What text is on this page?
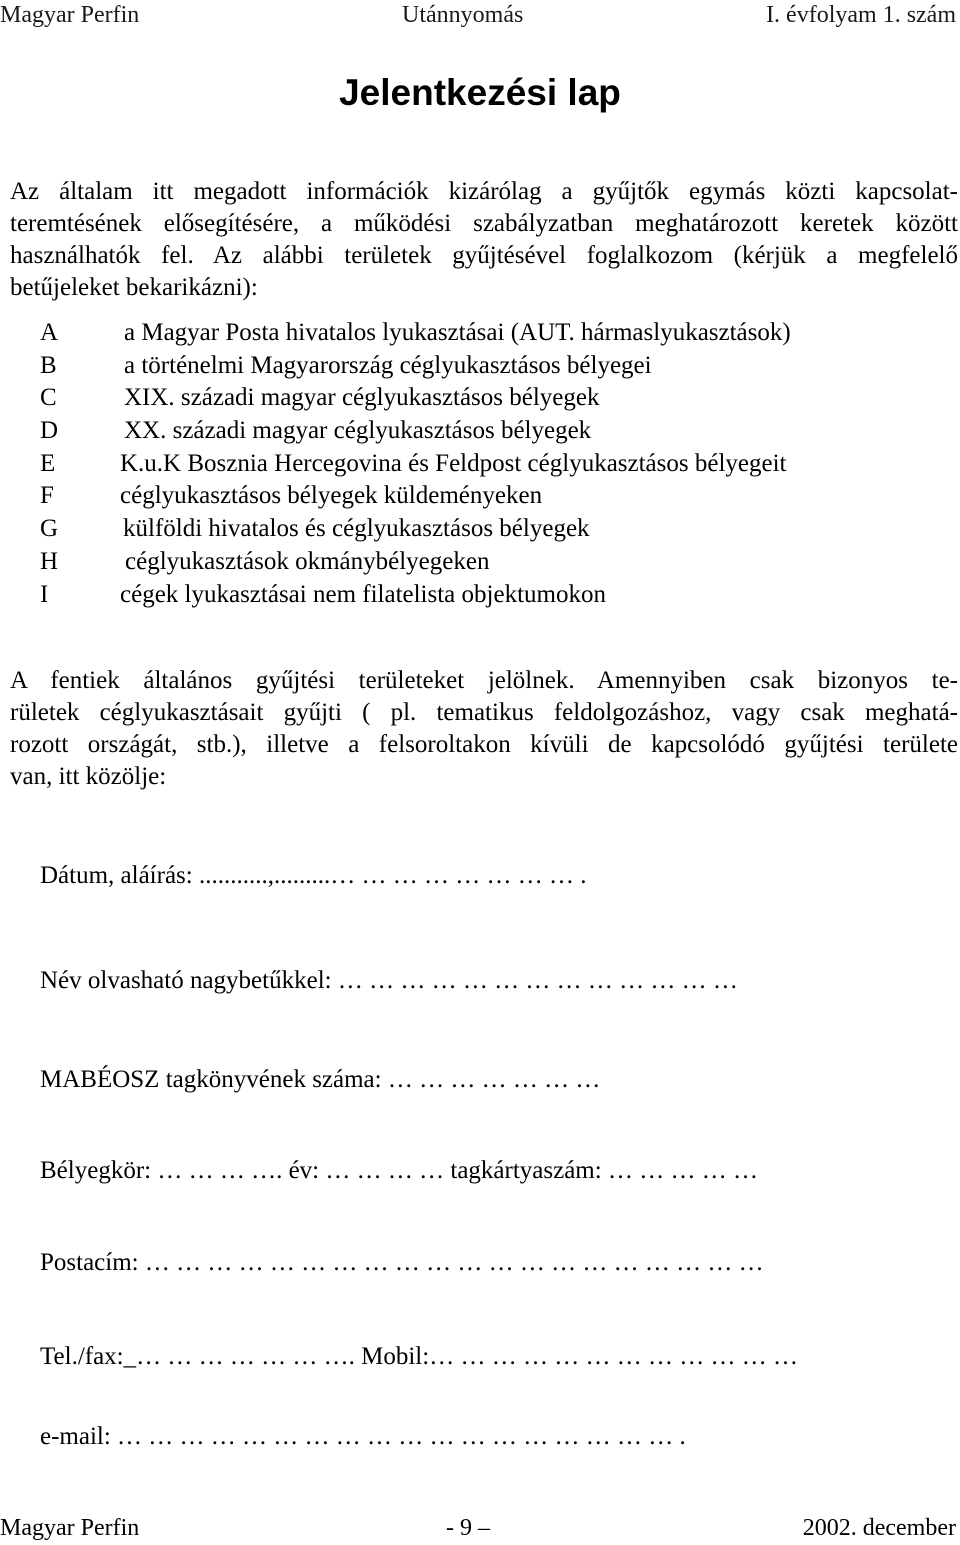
Magyar Perfin	Utánnyomás	I. évfolyam 1. szám
Jelentkezési lap
Az általam itt megadott információk kizárólag a gyűjtők egymás közti kapcsolat-
teremtésének elősegítésére, a működési szabályzatban meghatározott keretek között
használhatók fel. Az alábbi területek gyűjtésével foglalkozom (kérjük a megfelelő
betűjeleket bekarikázni):
A	a Magyar Posta hivatalos lyukasztásai (AUT. hármaslyukasztások)
B	a történelmi Magyarország céglyukasztásos bélyegei
C	XIX. századi magyar céglyukasztásos bélyegek
D	XX. századi magyar céglyukasztásos bélyegek
E	K.u.K Bosznia Hercegovina és Feldpost céglyukasztásos bélyegeit
F	céglyukasztásos bélyegek küldeményeken
G	külföldi hivatalos és céglyukasztásos bélyegek
H	céglyukasztások okmánybélyegeken
I	cégek lyukasztásai nem filatelista objektumokon
A fentiek általános gyűjtési területeket jelölnek. Amennyiben csak bizonyos te-
rületek céglyukasztásait gyűjti ( pl. tematikus feldolgozáshoz, vagy csak meghatá-
rozott országát, stb.), illetve a felsoroltakon kívüli de kapcsolódó gyűjtési területe
van, itt közölje:
Dátum, aláírás: ...........,.........… … … … … … … … .
Név olvasható nagybetűkkel: … … … … … … … … … … … … …
MABÉOSZ tagkönyvének száma: … … … … … … …
Bélyegkör: … … … …. év: … … … … tagkártyaszám: … … … … …
Postacím: … … … … … … … … … … … … … … … … … … … …
Tel./fax:_… … … … … … …. Mobil:… … … … … … … … … … … …
e-mail: … … … … … … … … … … … … … … … … … … .
Magyar Perfin	- 9 –	2002. december
